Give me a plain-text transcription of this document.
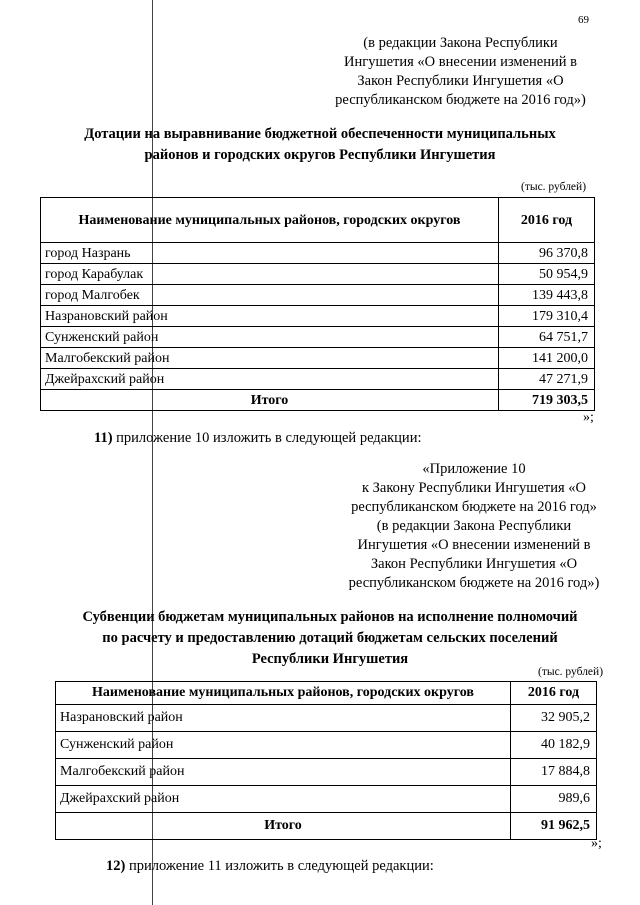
69
(в редакции Закона Республики
Ингушетия «О внесении изменений в
Закон Республики Ингушетия «О
республиканском бюджете на 2016 год»)
Дотации на выравнивание бюджетной обеспеченности муниципальных
районов и городских округов Республики Ингушетия
(тыс. рублей)
Наименование муниципальных районов, городских округов	2016 год
город Назрань	96 370,8
город Карабулак	50 954,9
город Малгобек	139 443,8
Назрановский район	179 310,4
Сунженский район	64 751,7
Малгобекский район	141 200,0
Джейрахский район	47 271,9
Итого	719 303,5
»;
11) приложение 10 изложить в следующей редакции:
«Приложение 10
к Закону Республики Ингушетия «О
республиканском бюджете на 2016 год»
(в редакции Закона Республики
Ингушетия «О внесении изменений в
Закон Республики Ингушетия «О
республиканском бюджете на 2016 год»)
Субвенции бюджетам муниципальных районов на исполнение полномочий
по расчету и предоставлению дотаций бюджетам сельских поселений
Республики Ингушетия
(тыс. рублей)
Наименование муниципальных районов, городских округов	2016 год
Назрановский район	32 905,2
Сунженский район	40 182,9
Малгобекский район	17 884,8
Джейрахский район	989,6
Итого	91 962,5
»;
12) приложение 11 изложить в следующей редакции:
